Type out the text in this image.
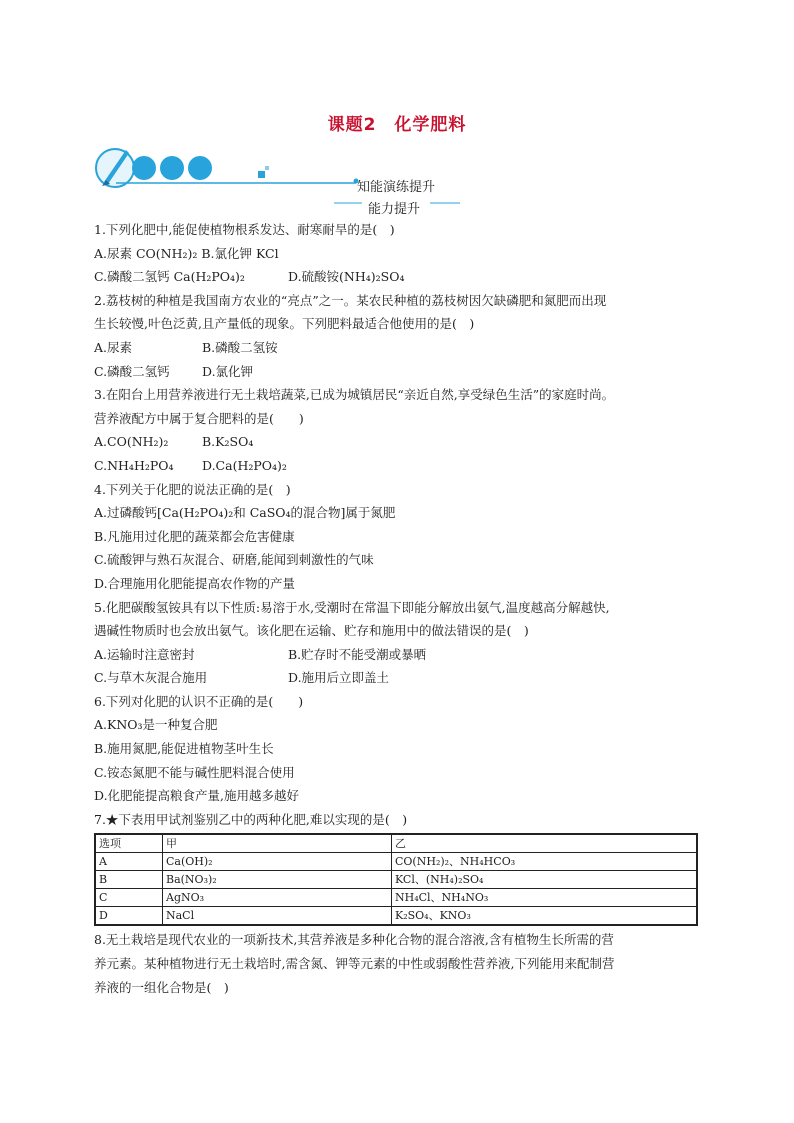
课题2　化学肥料
知能演练提升
能力提升
1.下列化肥中,能促使植物根系发达、耐寒耐旱的是(　)
A.尿素 CO(NH₂)₂ B.氯化钾 KCl
C.磷酸二氢钙 Ca(H₂PO₄)₂	D.硫酸铵(NH₄)₂SO₄
2.荔枝树的种植是我国南方农业的“亮点”之一。某农民种植的荔枝树因欠缺磷肥和氮肥而出现
生长较慢,叶色泛黄,且产量低的现象。下列肥料最适合他使用的是(　)
A.尿素	B.磷酸二氢铵
C.磷酸二氢钙	D.氯化钾
3.在阳台上用营养液进行无土栽培蔬菜,已成为城镇居民“亲近自然,享受绿色生活”的家庭时尚。
营养液配方中属于复合肥料的是(　　)
A.CO(NH₂)₂	B.K₂SO₄
C.NH₄H₂PO₄	D.Ca(H₂PO₄)₂
4.下列关于化肥的说法正确的是(　)
A.过磷酸钙[Ca(H₂PO₄)₂和 CaSO₄的混合物]属于氮肥
B.凡施用过化肥的蔬菜都会危害健康
C.硫酸钾与熟石灰混合、研磨,能闻到刺激性的气味
D.合理施用化肥能提高农作物的产量
5.化肥碳酸氢铵具有以下性质:易溶于水,受潮时在常温下即能分解放出氨气,温度越高分解越快,
遇碱性物质时也会放出氨气。该化肥在运输、贮存和施用中的做法错误的是(　)
A.运输时注意密封	B.贮存时不能受潮或暴晒
C.与草木灰混合施用	D.施用后立即盖土
6.下列对化肥的认识不正确的是(　　)
A.KNO₃是一种复合肥
B.施用氮肥,能促进植物茎叶生长
C.铵态氮肥不能与碱性肥料混合使用
D.化肥能提高粮食产量,施用越多越好
7.★下表用甲试剂鉴别乙中的两种化肥,难以实现的是(　)
选项	甲	乙
A	Ca(OH)₂	CO(NH₂)₂、NH₄HCO₃
B	Ba(NO₃)₂	KCl、(NH₄)₂SO₄
C	AgNO₃	NH₄Cl、NH₄NO₃
D	NaCl	K₂SO₄、KNO₃
8.无土栽培是现代农业的一项新技术,其营养液是多种化合物的混合溶液,含有植物生长所需的营
养元素。某种植物进行无土栽培时,需含氮、钾等元素的中性或弱酸性营养液,下列能用来配制营
养液的一组化合物是(　)
